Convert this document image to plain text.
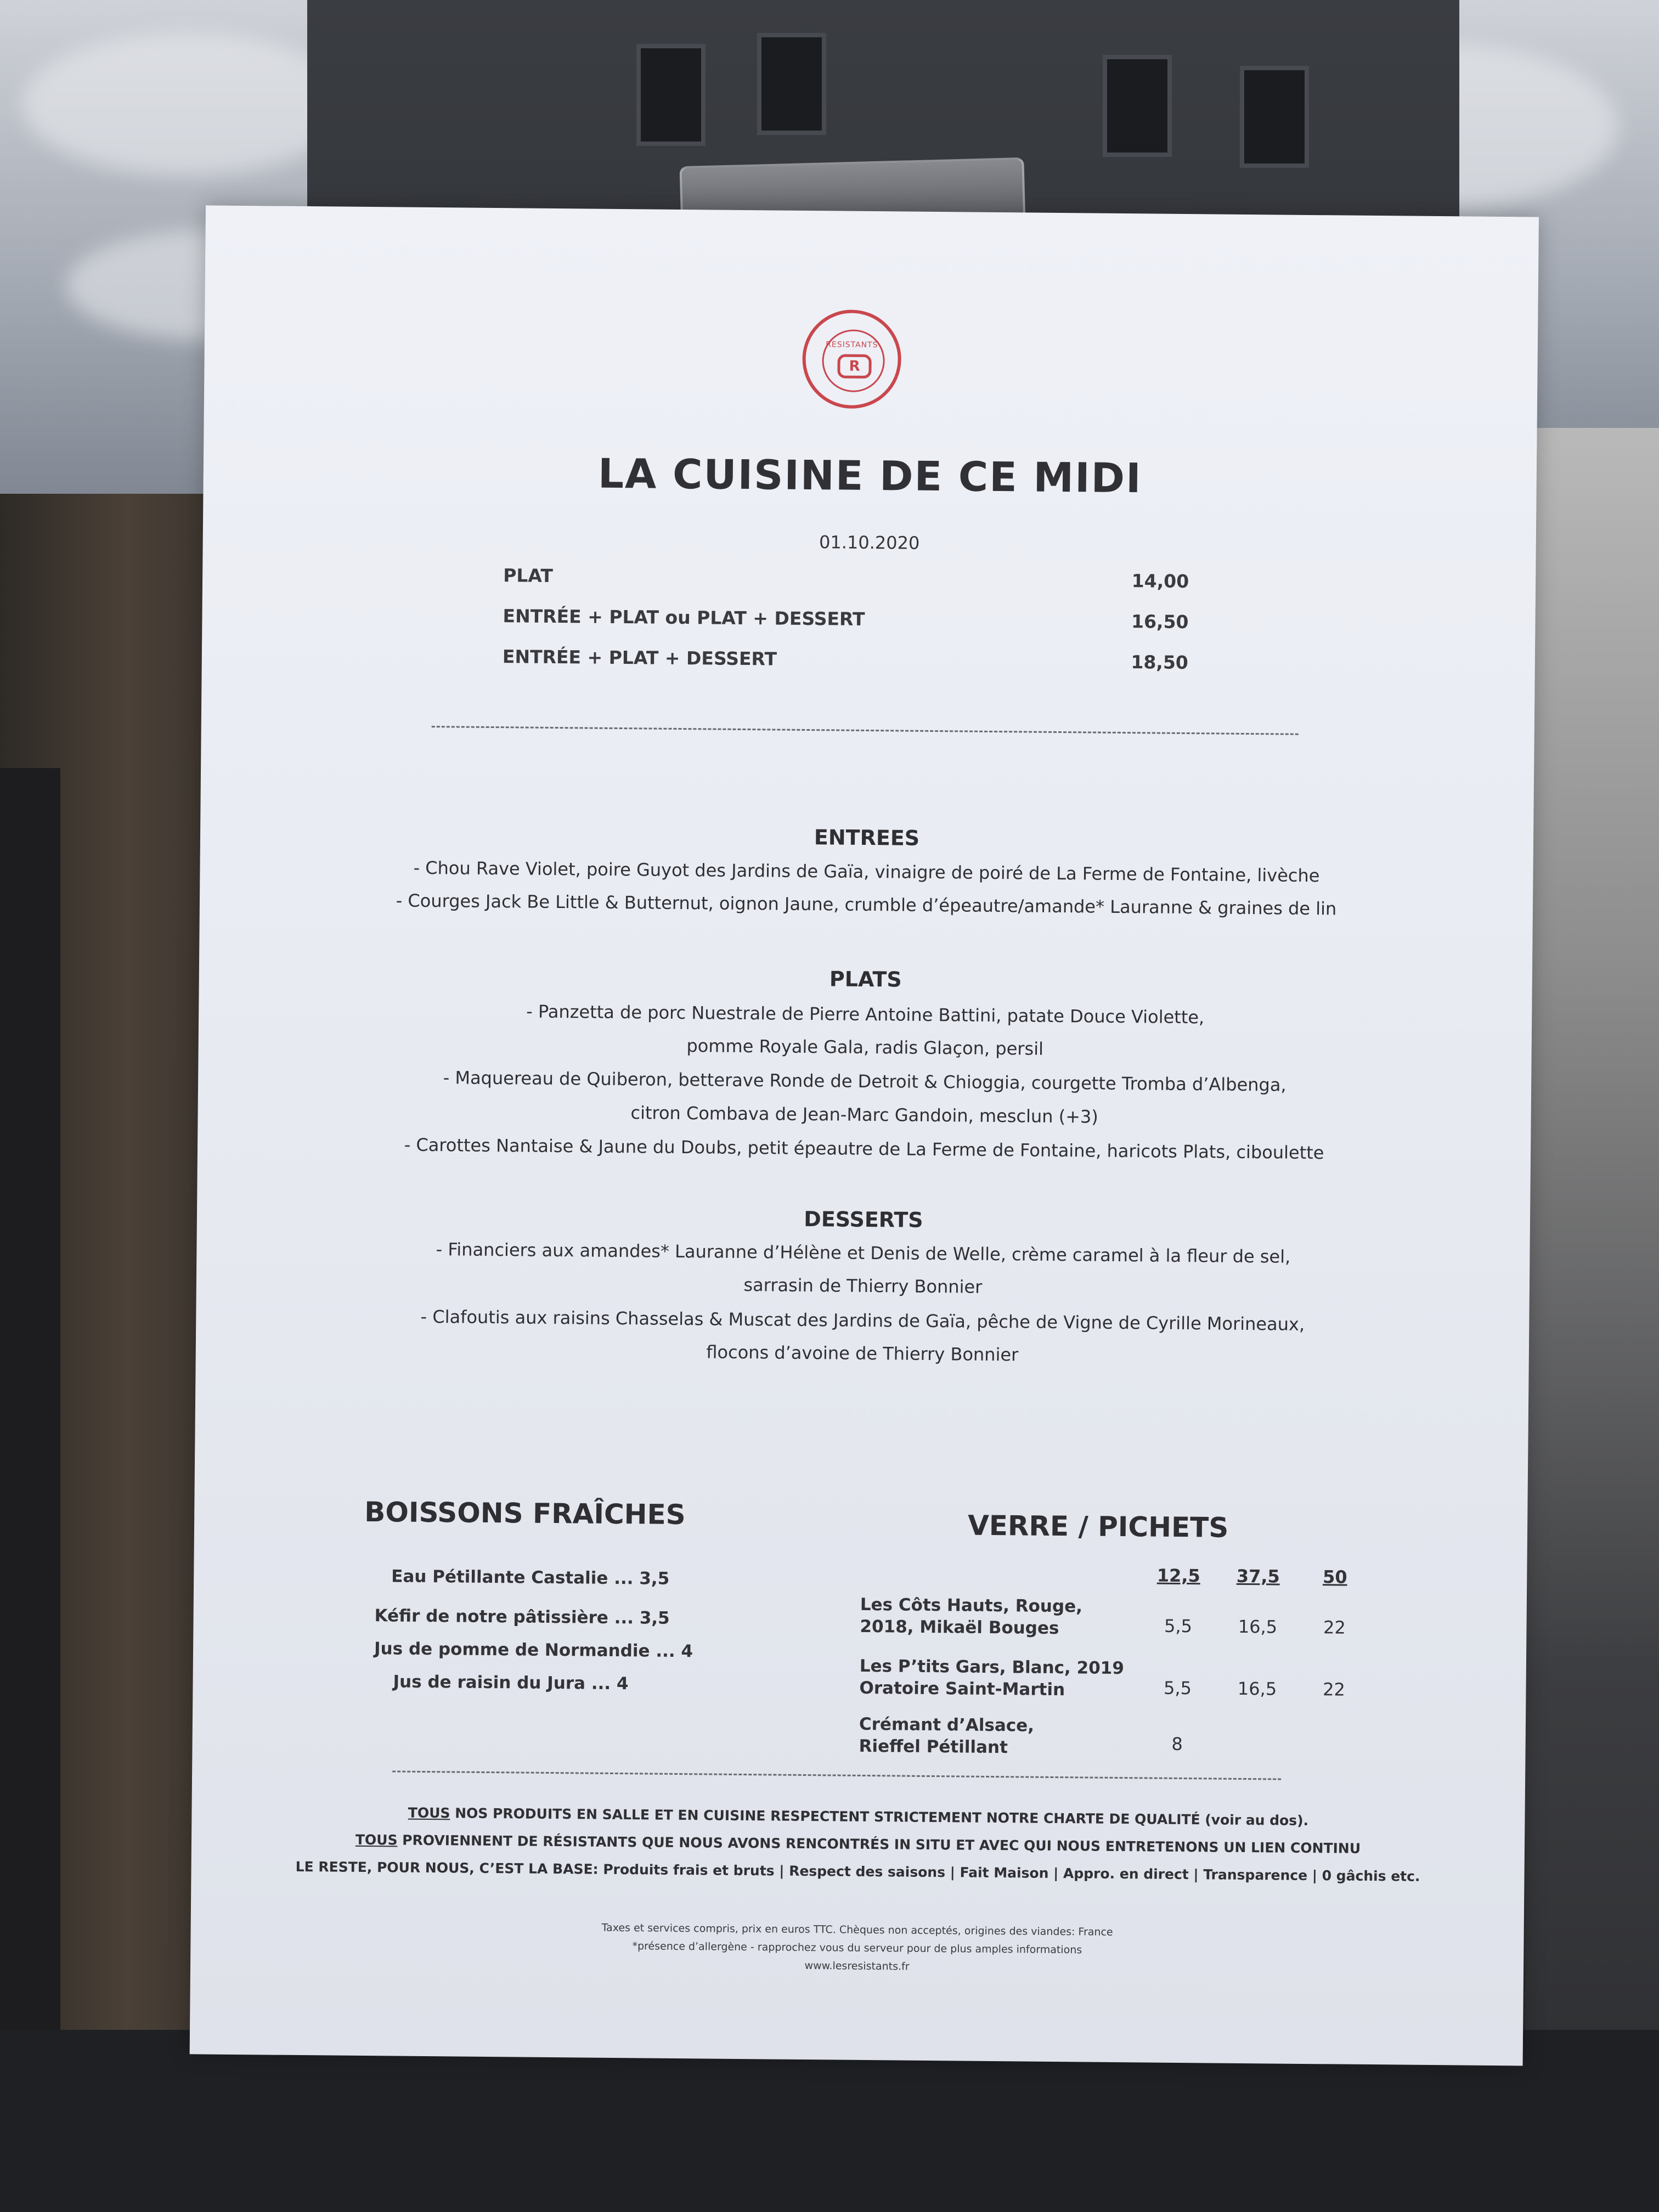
RESISTANTS
R
LA CUISINE DE CE MIDI
01.10.2020
PLAT	14,00
ENTRÉE + PLAT ou PLAT + DESSERT	16,50
ENTRÉE + PLAT + DESSERT	18,50
ENTREES
- Chou Rave Violet, poire Guyot des Jardins de Gaïa, vinaigre de poiré de La Ferme de Fontaine, livèche
- Courges Jack Be Little & Butternut, oignon Jaune, crumble d’épeautre/amande* Lauranne & graines de lin
PLATS
- Panzetta de porc Nuestrale de Pierre Antoine Battini, patate Douce Violette,
pomme Royale Gala, radis Glaçon, persil
- Maquereau de Quiberon, betterave Ronde de Detroit & Chioggia, courgette Tromba d’Albenga,
citron Combava de Jean-Marc Gandoin, mesclun (+3)
- Carottes Nantaise & Jaune du Doubs, petit épeautre de La Ferme de Fontaine, haricots Plats, ciboulette
DESSERTS
- Financiers aux amandes* Lauranne d’Hélène et Denis de Welle, crème caramel à la fleur de sel,
sarrasin de Thierry Bonnier
- Clafoutis aux raisins Chasselas & Muscat des Jardins de Gaïa, pêche de Vigne de Cyrille Morineaux,
flocons d’avoine de Thierry Bonnier
BOISSONS FRAÎCHES
Eau Pétillante Castalie ... 3,5
Kéfir de notre pâtissière ... 3,5
Jus de pomme de Normandie ... 4
Jus de raisin du Jura ... 4
VERRE / PICHETS
12,5	37,5	50
Les Côts Hauts, Rouge,
2018, Mikaël Bouges	5,5	16,5	22
Les P’tits Gars, Blanc, 2019
Oratoire Saint-Martin	5,5	16,5	22
Crémant d’Alsace,
Rieffel Pétillant	8
TOUS NOS PRODUITS EN SALLE ET EN CUISINE RESPECTENT STRICTEMENT NOTRE CHARTE DE QUALITÉ (voir au dos).
TOUS PROVIENNENT DE RÉSISTANTS QUE NOUS AVONS RENCONTRÉS IN SITU ET AVEC QUI NOUS ENTRETENONS UN LIEN CONTINU
LE RESTE, POUR NOUS, C’EST LA BASE: Produits frais et bruts | Respect des saisons | Fait Maison | Appro. en direct | Transparence | 0 gâchis etc.
Taxes et services compris, prix en euros TTC. Chèques non acceptés, origines des viandes: France
*présence d’allergène - rapprochez vous du serveur pour de plus amples informations
www.lesresistants.fr
